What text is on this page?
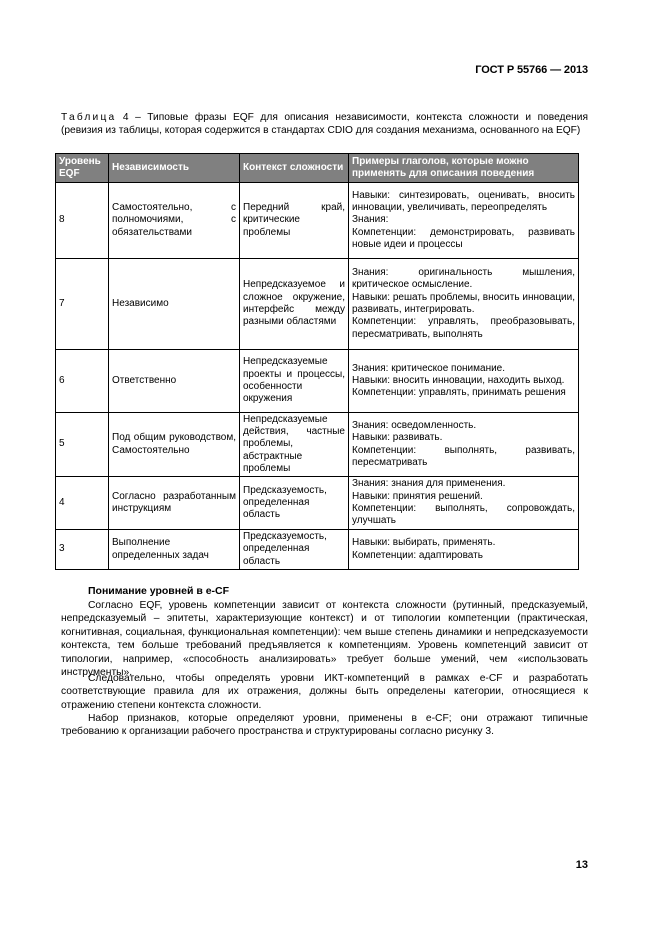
ГОСТ Р 55766 — 2013
Таблица 4 – Типовые фразы EQF для описания независимости, контекста сложности и поведения (ревизия из таблицы, которая содержится в стандартах CDIO для создания механизма, основанного на EQF)
Уровень EQF	Независимость	Контекст сложности	Примеры глаголов, которые можно применять для описания поведения
8	Самостоятельно, с полномочиями, с обязательствами	Передний край, критические проблемы	Навыки: синтезировать, оценивать, вносить инновации, увеличивать, переопределять
Знания:
Компетенции: демонстрировать, развивать новые идеи и процессы

7	Независимо	Непредсказуемое и сложное окружение, интерфейс между разными областями	Знания: оригинальность мышления, критическое осмысление.
Навыки: решать проблемы, вносить инновации, развивать, интегрировать.
Компетенции: управлять, преобразовывать, пересматривать, выполнять

6	Ответственно	Непредсказуемые проекты и процессы, особенности окружения	Знания: критическое понимание.
Навыки: вносить инновации, находить выход.
Компетенции: управлять, принимать решения

5	Под общим руководством, Самостоятельно	Непредсказуемые действия, частные проблемы, абстрактные проблемы	Знания: осведомленность.
Навыки: развивать.
Компетенции: выполнять, развивать, пересматривать

4	Согласно разработанным инструкциям	Предсказуемость, определенная область	Знания: знания для применения.
Навыки: принятия решений.
Компетенции: выполнять, сопровождать, улучшать

3	Выполнение определенных задач	Предсказуемость, определенная область	Навыки: выбирать, применять.
Компетенции: адаптировать
Понимание уровней в e-CF
Согласно EQF, уровень компетенции зависит от контекста сложности (рутинный, предсказуемый, непредсказуемый – эпитеты, характеризующие контекст) и от типологии компетенции (практическая, когнитивная, социальная, функциональная компетенции): чем выше степень динамики и непредсказуемости контекста, тем больше требований предъявляется к компетенциям. Уровень компетенций зависит от типологии, например, «способность анализировать» требует больше умений, чем «использовать инструменты».
Следовательно, чтобы определять уровни ИКТ-компетенций в рамках e-CF и разработать соответствующие правила для их отражения, должны быть определены категории, относящиеся к отражению степени контекста сложности.
Набор признаков, которые определяют уровни, применены в e-CF; они отражают типичные требованию к организации рабочего пространства и структурированы согласно рисунку 3.
13
